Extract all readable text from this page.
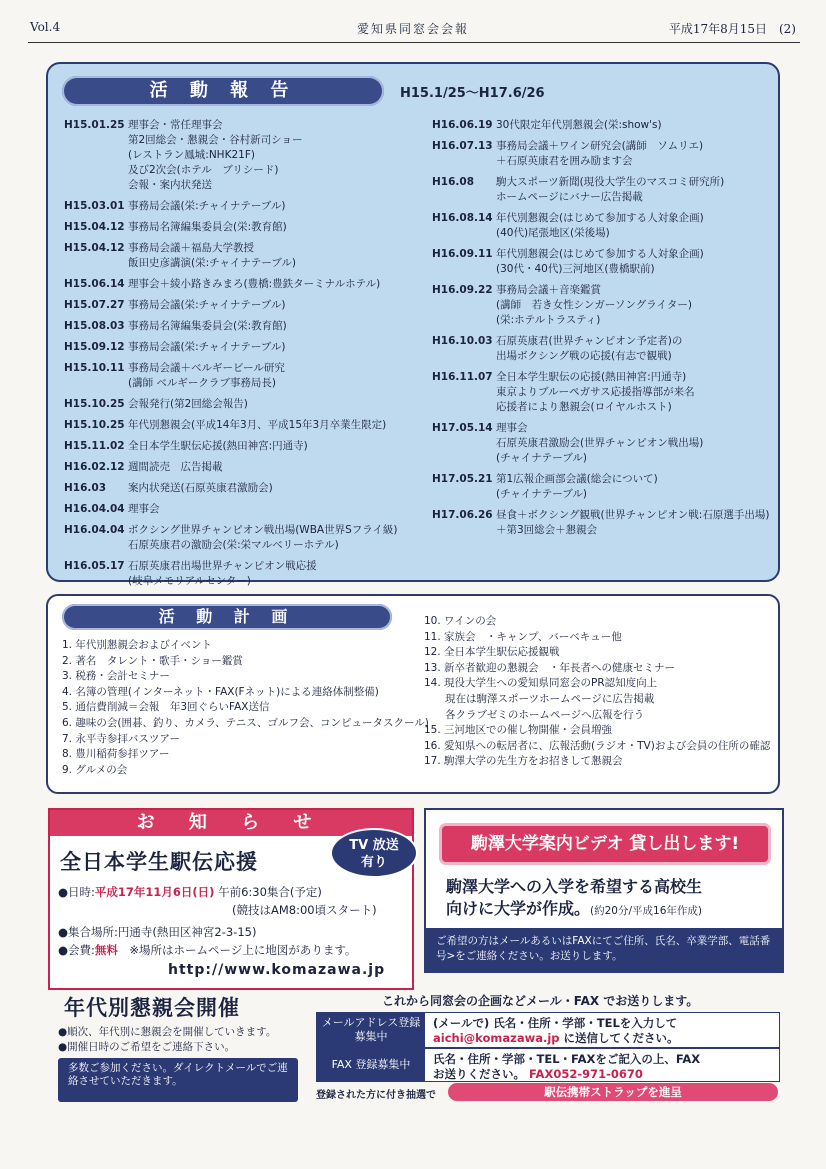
Vol.4	愛知県同窓会会報	平成17年8月15日　(2)
活 動 報 告	H15.1/25～H17.6/26
H15.01.25 理事会・常任理事会
第2回総会・懇親会・谷村新司ショー
(レストラン鳳城:NHK21F)
及び2次会(ホテル　ブリシード)
会報・案内状発送
H15.03.01 事務局会議(栄:チャイナテーブル)
H15.04.12 事務局名簿編集委員会(栄:教育館)
H15.04.12 事務局会議＋福島大学教授
飯田史彦講演(栄:チャイナテーブル)
H15.06.14 理事会＋綾小路きみまろ(豊橋:豊鉄ターミナルホテル)
H15.07.27 事務局会議(栄:チャイナテーブル)
H15.08.03 事務局名簿編集委員会(栄:教育館)
H15.09.12 事務局会議(栄:チャイナテーブル)
H15.10.11 事務局会議＋ベルギービール研究
(講師 ベルギークラブ事務局長)
H15.10.25 会報発行(第2回総会報告)
H15.10.25 年代別懇親会(平成14年3月、平成15年3月卒業生限定)
H15.11.02 全日本学生駅伝応援(熱田神宮:円通寺)
H16.02.12 週間読売　広告掲載
H16.03	案内状発送(石原英康君激励会)
H16.04.04 理事会
H16.04.04 ボクシング世界チャンピオン戦出場(WBA世界Sフライ級)
石原英康君の激励会(栄:栄マルベリーホテル)
H16.05.17 石原英康君出場世界チャンピオン戦応援
(岐阜メモリアルセンター)
H16.06.19 30代限定年代別懇親会(栄:show's)
H16.07.13 事務局会議＋ワイン研究会(講師　ソムリエ)
＋石原英康君を囲み励ます会
H16.08	駒大スポーツ新聞(現役大学生のマスコミ研究所)
ホームページにバナー広告掲載
H16.08.14 年代別懇親会(はじめて参加する人対象企画)
(40代)尾張地区(栄後場)
H16.09.11 年代別懇親会(はじめて参加する人対象企画)
(30代・40代)三河地区(豊橋駅前)
H16.09.22 事務局会議＋音楽鑑賞
(講師　若き女性シンガーソングライター)
(栄:ホテルトラスティ)
H16.10.03 石原英康君(世界チャンピオン予定者)の
出場ボクシング戦の応援(有志で観戦)
H16.11.07 全日本学生駅伝の応援(熱田神宮:円通寺)
東京よりブルーペガサス応援指導部が来名
応援者により懇親会(ロイヤルホスト)
H17.05.14 理事会
石原英康君激励会(世界チャンピオン戦出場)
(チャイナテーブル)
H17.05.21 第1広報企画部会議(総会について)
(チャイナテーブル)
H17.06.26 昼食＋ボクシング観戦(世界チャンピオン戦:石原選手出場)
＋第3回総会＋懇親会
活 動 計 画
1. 年代別懇親会およびイベント
2. 著名　タレント・歌手・ショー鑑賞
3. 税務・会計セミナー
4. 名簿の管理(インターネット・FAX(Fネット)による連絡体制整備)
5. 通信費削減＝会報　年3回ぐらいFAX送信
6. 趣味の会(囲碁、釣り、カメラ、テニス、ゴルフ会、コンピュータスクール)
7. 永平寺参拝バスツアー
8. 豊川稲荷参拝ツアー
9. グルメの会
10. ワインの会
11. 家族会　・キャンプ、バーベキュー他
12. 全日本学生駅伝応援観戦
13. 新卒者歓迎の懇親会　・年長者への健康セミナー
14. 現役大学生への愛知県同窓会のPR認知度向上
　　現在は駒澤スポーツホームページに広告掲載
　　各クラブゼミのホームページへ広報を行う
15. 三河地区での催し物開催・会員増強
16. 愛知県への転居者に、広報活動(ラジオ・TV)および会員の住所の確認
17. 駒澤大学の先生方をお招きして懇親会
お 知 ら せ
TV 放送
有り
全日本学生駅伝応援
●日時:平成17年11月6日(日) 午前6:30集合(予定)
(競技はAM8:00頃スタート)
●集合場所:円通寺(熱田区神宮2-3-15)
●会費:無料　※場所はホームページ上に地図があります。
http://www.komazawa.jp
駒澤大学案内ビデオ 貸し出します!
駒澤大学への入学を希望する高校生
向けに大学が作成。(約20分/平成16年作成)
ご希望の方はメールあるいはFAXにてご住所、氏名、卒業学部、電話番号>をご連絡ください。お送りします。
年代別懇親会開催
●順次、年代別に懇親会を開催していきます。
●開催日時のご希望をご連絡下さい。
多数ご参加ください。ダイレクトメールでご連絡させていただきます。
これから同窓会の企画などメール・FAX でお送りします。
メールアドレス登録募集中
(メールで) 氏名・住所・学部・TELを入力して
aichi@komazawa.jp に送信してください。
FAX 登録募集中	氏名・住所・学部・TEL・FAXをご記入の上、FAX
お送りください。 FAX052-971-0670
登録された方に付き抽選で	駅伝携帯ストラップを進呈
